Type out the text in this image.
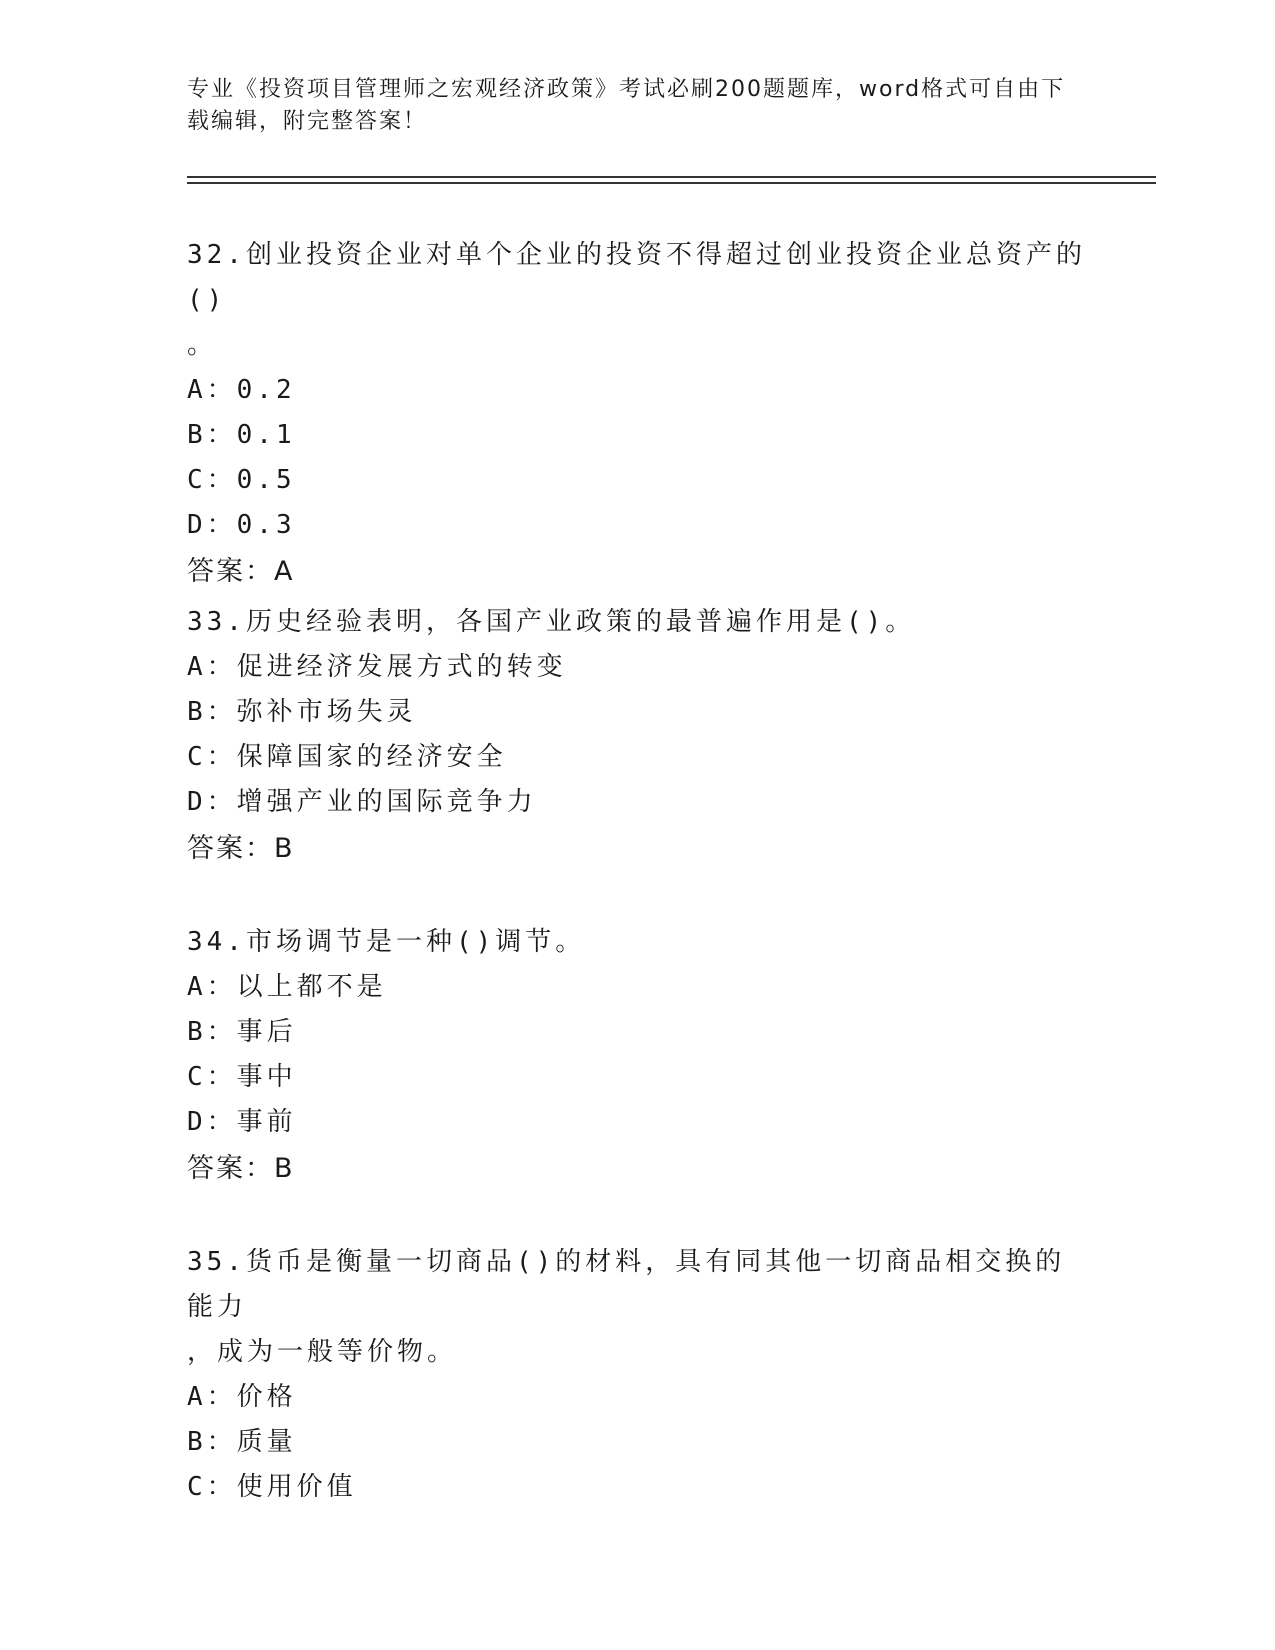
专业《投资项目管理师之宏观经济政策》考试必刷200题题库，word格式可自由下载编辑，附完整答案！

32.创业投资企业对单个企业的投资不得超过创业投资企业总资产的()

。

A：0.2

B：0.1

C：0.5

D：0.3

答案：A

33.历史经验表明，各国产业政策的最普遍作用是()。

A：促进经济发展方式的转变

B：弥补市场失灵

C：保障国家的经济安全

D：增强产业的国际竞争力

答案：B

34.市场调节是一种()调节。

A：以上都不是

B：事后

C：事中

D：事前

答案：B

35.货币是衡量一切商品()的材料，具有同其他一切商品相交换的能力

，成为一般等价物。

A：价格

B：质量

C：使用价值
